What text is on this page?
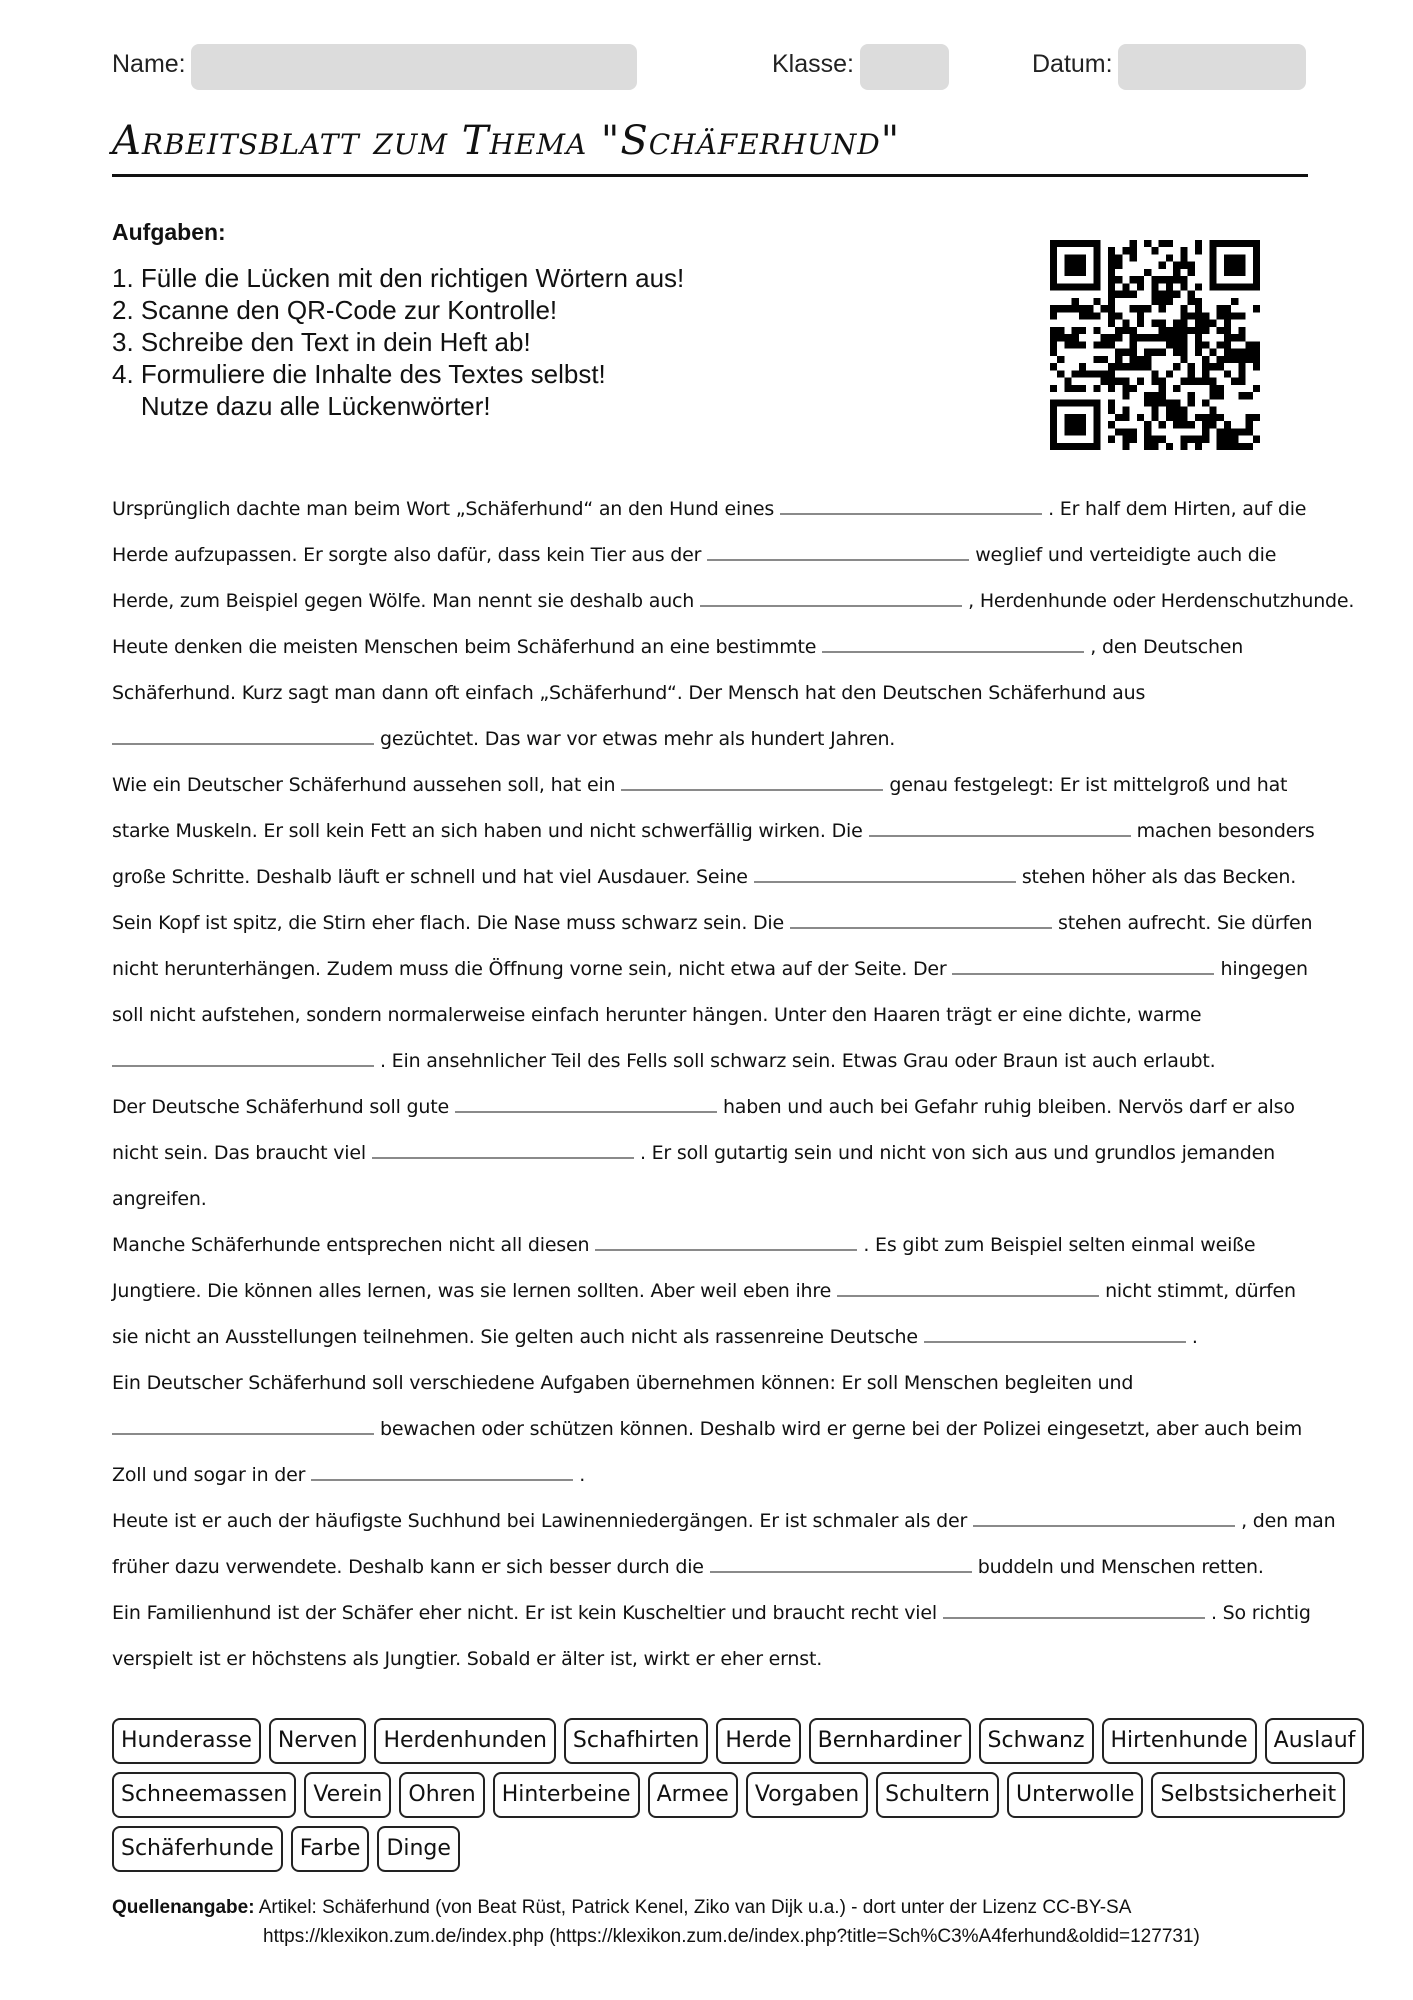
Name:	Klasse:	Datum:
Arbeitsblatt zum Thema "Schäferhund"
Aufgaben:
1. Fülle die Lücken mit den richtigen Wörtern aus!
2. Scanne den QR-Code zur Kontrolle!
3. Schreibe den Text in dein Heft ab!
4. Formuliere die Inhalte des Textes selbst!
Nutze dazu alle Lückenwörter!
Ursprünglich dachte man beim Wort „Schäferhund“ an den Hund eines	. Er half dem Hirten, auf die
Herde aufzupassen. Er sorgte also dafür, dass kein Tier aus der	weglief und verteidigte auch die
Herde, zum Beispiel gegen Wölfe. Man nennt sie deshalb auch	, Herdenhunde oder Herdenschutzhunde.
Heute denken die meisten Menschen beim Schäferhund an eine bestimmte	, den Deutschen
Schäferhund. Kurz sagt man dann oft einfach „Schäferhund“. Der Mensch hat den Deutschen Schäferhund aus
gezüchtet. Das war vor etwas mehr als hundert Jahren.
Wie ein Deutscher Schäferhund aussehen soll, hat ein	genau festgelegt: Er ist mittelgroß und hat
starke Muskeln. Er soll kein Fett an sich haben und nicht schwerfällig wirken. Die	machen besonders
große Schritte. Deshalb läuft er schnell und hat viel Ausdauer. Seine	stehen höher als das Becken.
Sein Kopf ist spitz, die Stirn eher flach. Die Nase muss schwarz sein. Die	stehen aufrecht. Sie dürfen
nicht herunterhängen. Zudem muss die Öffnung vorne sein, nicht etwa auf der Seite. Der	hingegen
soll nicht aufstehen, sondern normalerweise einfach herunter hängen. Unter den Haaren trägt er eine dichte, warme
. Ein ansehnlicher Teil des Fells soll schwarz sein. Etwas Grau oder Braun ist auch erlaubt.
Der Deutsche Schäferhund soll gute	haben und auch bei Gefahr ruhig bleiben. Nervös darf er also
nicht sein. Das braucht viel	. Er soll gutartig sein und nicht von sich aus und grundlos jemanden
angreifen.
Manche Schäferhunde entsprechen nicht all diesen	. Es gibt zum Beispiel selten einmal weiße
Jungtiere. Die können alles lernen, was sie lernen sollten. Aber weil eben ihre	nicht stimmt, dürfen
sie nicht an Ausstellungen teilnehmen. Sie gelten auch nicht als rassenreine Deutsche	.
Ein Deutscher Schäferhund soll verschiedene Aufgaben übernehmen können: Er soll Menschen begleiten und
bewachen oder schützen können. Deshalb wird er gerne bei der Polizei eingesetzt, aber auch beim
Zoll und sogar in der	.
Heute ist er auch der häufigste Suchhund bei Lawinenniedergängen. Er ist schmaler als der	, den man
früher dazu verwendete. Deshalb kann er sich besser durch die	buddeln und Menschen retten.
Ein Familienhund ist der Schäfer eher nicht. Er ist kein Kuscheltier und braucht recht viel	. So richtig
verspielt ist er höchstens als Jungtier. Sobald er älter ist, wirkt er eher ernst.
Hunderasse	Nerven	Herdenhunden	Schafhirten	Herde	Bernhardiner	Schwanz	Hirtenhunde	Auslauf
Schneemassen	Verein	Ohren	Hinterbeine	Armee	Vorgaben	Schultern	Unterwolle	Selbstsicherheit
Schäferhunde	Farbe	Dinge
Quellenangabe: Artikel: Schäferhund (von Beat Rüst, Patrick Kenel, Ziko van Dijk u.a.) - dort unter der Lizenz CC-BY-SA
https://klexikon.zum.de/index.php (https://klexikon.zum.de/index.php?title=Sch%C3%A4ferhund&oldid=127731)
